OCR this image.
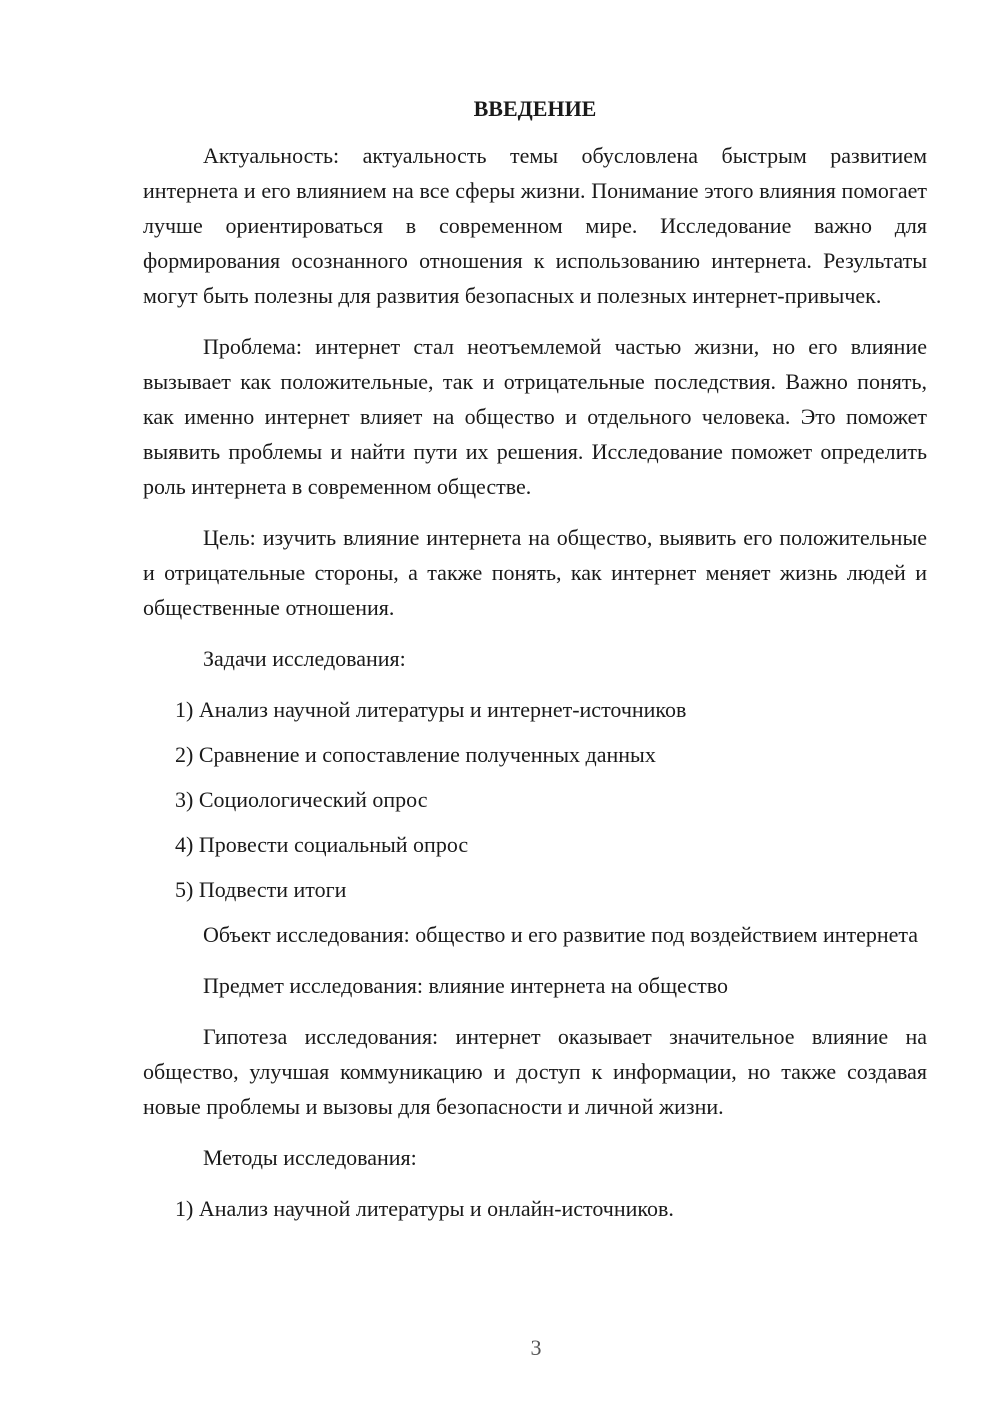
ВВЕДЕНИЕ

Актуальность: актуальность темы обусловлена быстрым развитием интернета и его влиянием на все сферы жизни. Понимание этого влияния помогает лучше ориентироваться в современном мире. Исследование важно для формирования осознанного отношения к использованию интернета. Результаты могут быть полезны для развития безопасных и полезных интернет-привычек.

Проблема: интернет стал неотъемлемой частью жизни, но его влияние вызывает как положительные, так и отрицательные последствия. Важно понять, как именно интернет влияет на общество и отдельного человека. Это поможет выявить проблемы и найти пути их решения. Исследование поможет определить роль интернета в современном обществе.

Цель: изучить влияние интернета на общество, выявить его положительные и отрицательные стороны, а также понять, как интернет меняет жизнь людей и общественные отношения.

Задачи исследования:

1) Анализ научной литературы и интернет-источников
2) Сравнение и сопоставление полученных данных
3) Социологический опрос
4) Провести социальный опрос
5) Подвести итоги

Объект исследования: общество и его развитие под воздействием интернета

Предмет исследования: влияние интернета на общество

Гипотеза исследования: интернет оказывает значительное влияние на общество, улучшая коммуникацию и доступ к информации, но также создавая новые проблемы и вызовы для безопасности и личной жизни.

Методы исследования:

1) Анализ научной литературы и онлайн-источников.
3
